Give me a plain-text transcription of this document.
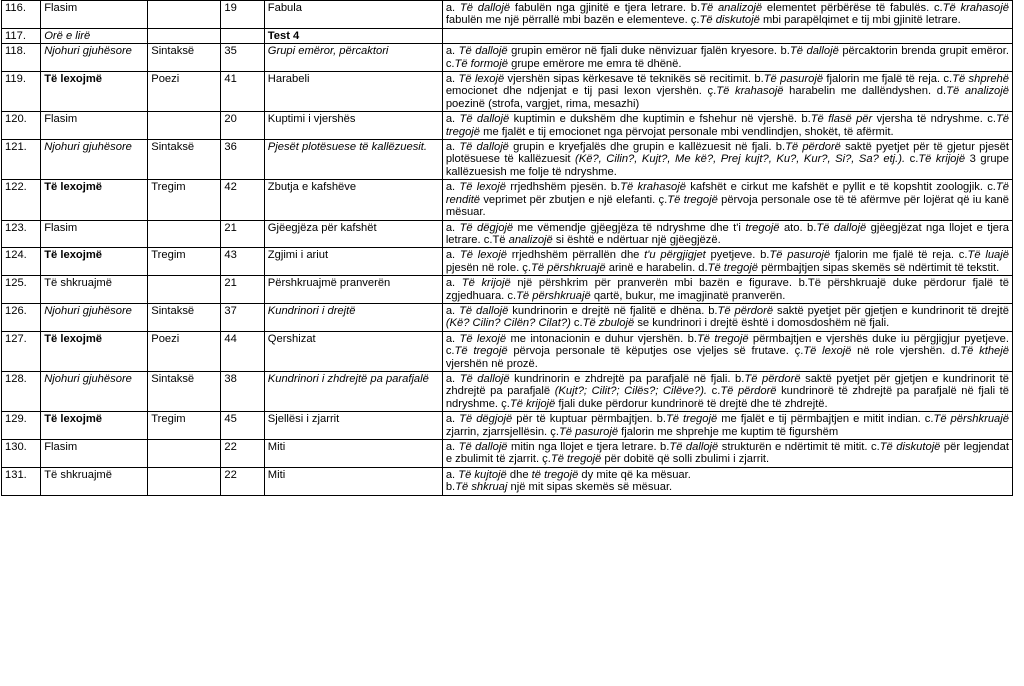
116.	Flasim		19	Fabula	a. Të dallojë fabulën nga gjinitë e tjera letrare. b.Të analizojë elementet përbërëse të fabulës. c.Të krahasojë fabulën me një përrallë mbi bazën e elementeve. ç.Të diskutojë mbi parapëlqimet e tij mbi gjinitë letrare.
117.	Orë e lirë			Test 4	
118.	Njohuri gjuhësore	Sintaksë	35	Grupi emëror, përcaktori	a. Të dallojë grupin emëror në fjali duke nënvizuar fjalën kryesore. b.Të dallojë përcaktorin brenda grupit emëror. c.Të formojë grupe emërore me emra të dhënë.
119.	Të lexojmë	Poezi	41	Harabeli	a. Të lexojë vjershën sipas kërkesave të teknikës së recitimit. b.Të pasurojë fjalorin me fjalë të reja. c.Të shprehë emocionet dhe ndjenjat e tij pasi lexon vjershën. ç.Të krahasojë harabelin me dallëndyshen. d.Të analizojë poezinë (strofa, vargjet, rima, mesazhi)
120.	Flasim		20	Kuptimi i vjershës	a. Të dallojë kuptimin e dukshëm dhe kuptimin e fshehur në vjershë. b.Të flasë për vjersha të ndryshme. c.Të tregojë me fjalët e tij emocionet nga përvojat personale mbi vendlindjen, shokët, të afërmit.
121.	Njohuri gjuhësore	Sintaksë	36	Pjesët plotësuese të kallëzuesit.	a. Të dallojë grupin e kryefjalës dhe grupin e kallëzuesit në fjali. b.Të përdorë saktë pyetjet për të gjetur pjesët plotësuese të kallëzuesit (Kë?, Cilin?, Kujt?, Me kë?, Prej kujt?, Ku?, Kur?, Si?, Sa? etj.). c.Të krijojë 3 grupe kallëzuesish me folje të ndryshme.
122.	Të lexojmë	Tregim	42	Zbutja e kafshëve	a. Të lexojë rrjedhshëm pjesën. b.Të krahasojë kafshët e cirkut me kafshët e pyllit e të kopshtit zoologjik. c.Të renditë veprimet për zbutjen e një elefanti. ç.Të tregojë përvoja personale ose të të afërmve për lojërat që iu kanë mësuar.
123.	Flasim		21	Gjëegjëza për kafshët	a. Të dëgjojë me vëmendje gjëegjëza të ndryshme dhe t'i tregojë ato. b.Të dallojë gjëegjëzat nga llojet e tjera letrare. c.Të analizojë si është e ndërtuar një gjëegjëzë.
124.	Të lexojmë	Tregim	43	Zgjimi i ariut	a. Të lexojë rrjedhshëm përrallën dhe t'u përgjigjet pyetjeve. b.Të pasurojë fjalorin me fjalë të reja. c.Të luajë pjesën në role. ç.Të përshkruajë arinë e harabelin. d.Të tregojë përmbajtjen sipas skemës së ndërtimit të tekstit.
125.	Të shkruajmë		21	Përshkruajmë pranverën	a. Të krijojë një përshkrim për pranverën mbi bazën e figurave. b.Të përshkruajë duke përdorur fjalë të zgjedhuara. c.Të përshkruajë qartë, bukur, me imagjinatë pranverën.
126.	Njohuri gjuhësore	Sintaksë	37	Kundrinori i drejtë	a. Të dallojë kundrinorin e drejtë në fjalitë e dhëna. b.Të përdorë saktë pyetjet për gjetjen e kundrinorit të drejtë (Kë? Cilin? Cilën? Cilat?) c.Të zbulojë se kundrinori i drejtë është i domosdoshëm në fjali.
127.	Të lexojmë	Poezi	44	Qershizat	a. Të lexojë me intonacionin e duhur vjershën. b.Të tregojë përmbajtjen e vjershës duke iu përgjigjur pyetjeve. c.Të tregojë përvoja personale të këputjes ose vjeljes së frutave. ç.Të lexojë në role vjershën. d.Të kthejë vjershën në prozë.
128.	Njohuri gjuhësore	Sintaksë	38	Kundrinori i zhdrejtë pa parafjalë	a. Të dallojë kundrinorin e zhdrejtë pa parafjalë në fjali. b.Të përdorë saktë pyetjet për gjetjen e kundrinorit të zhdrejtë pa parafjalë (Kujt?; Cilit?; Cilës?; Cilëve?). c.Të përdorë kundrinorë të zhdrejtë pa parafjalë në fjali të ndryshme. ç.Të krijojë fjali duke përdorur kundrinorë të drejtë dhe të zhdrejtë.
129.	Të lexojmë	Tregim	45	Sjellësi i zjarrit	a. Të dëgjojë për të kuptuar përmbajtjen. b.Të tregojë me fjalët e tij përmbajtjen e mitit indian. c.Të përshkruajë zjarrin, zjarrsjellësin. ç.Të pasurojë fjalorin me shprehje me kuptim të figurshëm
130.	Flasim		22	Miti	a. Të dallojë mitin nga llojet e tjera letrare. b.Të dallojë strukturën e ndërtimit të mitit. c.Të diskutojë për legjendat e zbulimit të zjarrit. ç.Të tregojë për dobitë që solli zbulimi i zjarrit.
131.	Të shkruajmë		22	Miti	a. Të kujtojë dhe të tregojë dy mite që ka mësuar.
b.Të shkruaj një mit sipas skemës së mësuar.
